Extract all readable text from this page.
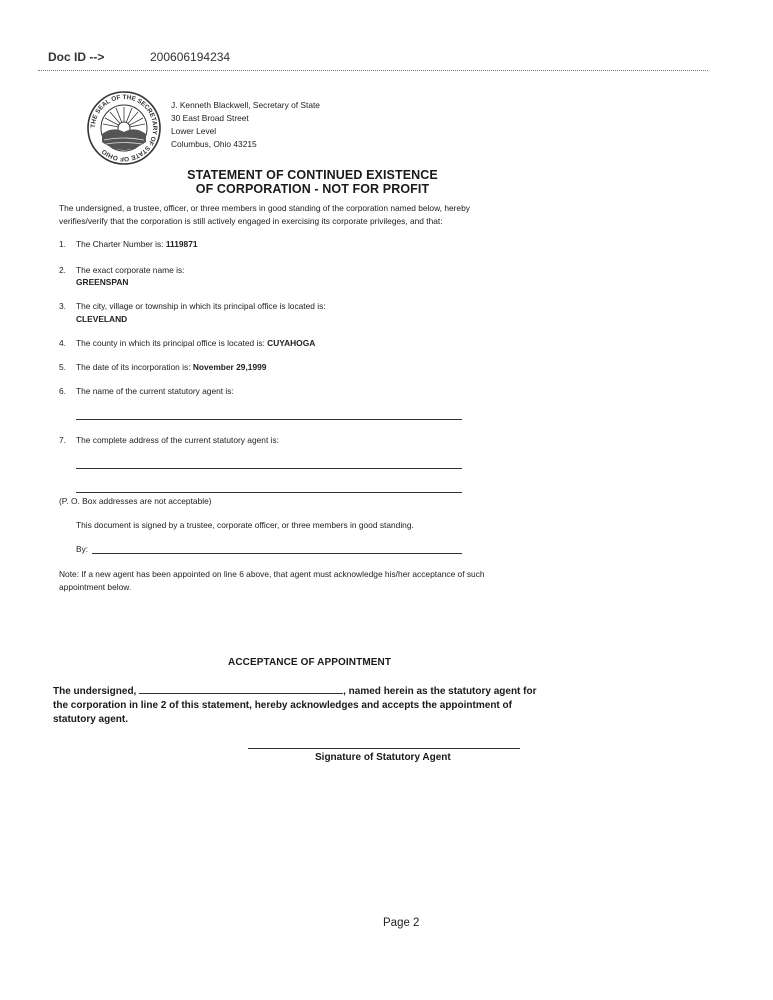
Doc ID -->	200606194234
THE SEAL OF THE SECRETARY OF STATE OF OHIO
J. Kenneth Blackwell, Secretary of State
30 East Broad Street
Lower Level
Columbus, Ohio 43215
STATEMENT OF CONTINUED EXISTENCE
OF CORPORATION - NOT FOR PROFIT
The undersigned, a trustee, officer, or three members in good standing of the corporation named below, hereby
verifies/verify that the corporation is still actively engaged in exercising its corporate privileges, and that:
1. The Charter Number is: 1119871
2. The exact corporate name is:
GREENSPAN
3. The city, village or township in which its principal office is located is:
CLEVELAND
4. The county in which its principal office is located is: CUYAHOGA
5. The date of its incorporation is: November 29,1999
6. The name of the current statutory agent is:
7. The complete address of the current statutory agent is:
(P. O. Box addresses are not acceptable)
This document is signed by a trustee, corporate officer, or three members in good standing.
By:
Note: If a new agent has been appointed on line 6 above, that agent must acknowledge his/her acceptance of such
appointment below.
ACCEPTANCE OF APPOINTMENT
The undersigned,	, named herein as the statutory agent for
the corporation in line 2 of this statement, hereby acknowledges and accepts the appointment of
statutory agent.
Signature of Statutory Agent
Page 2
